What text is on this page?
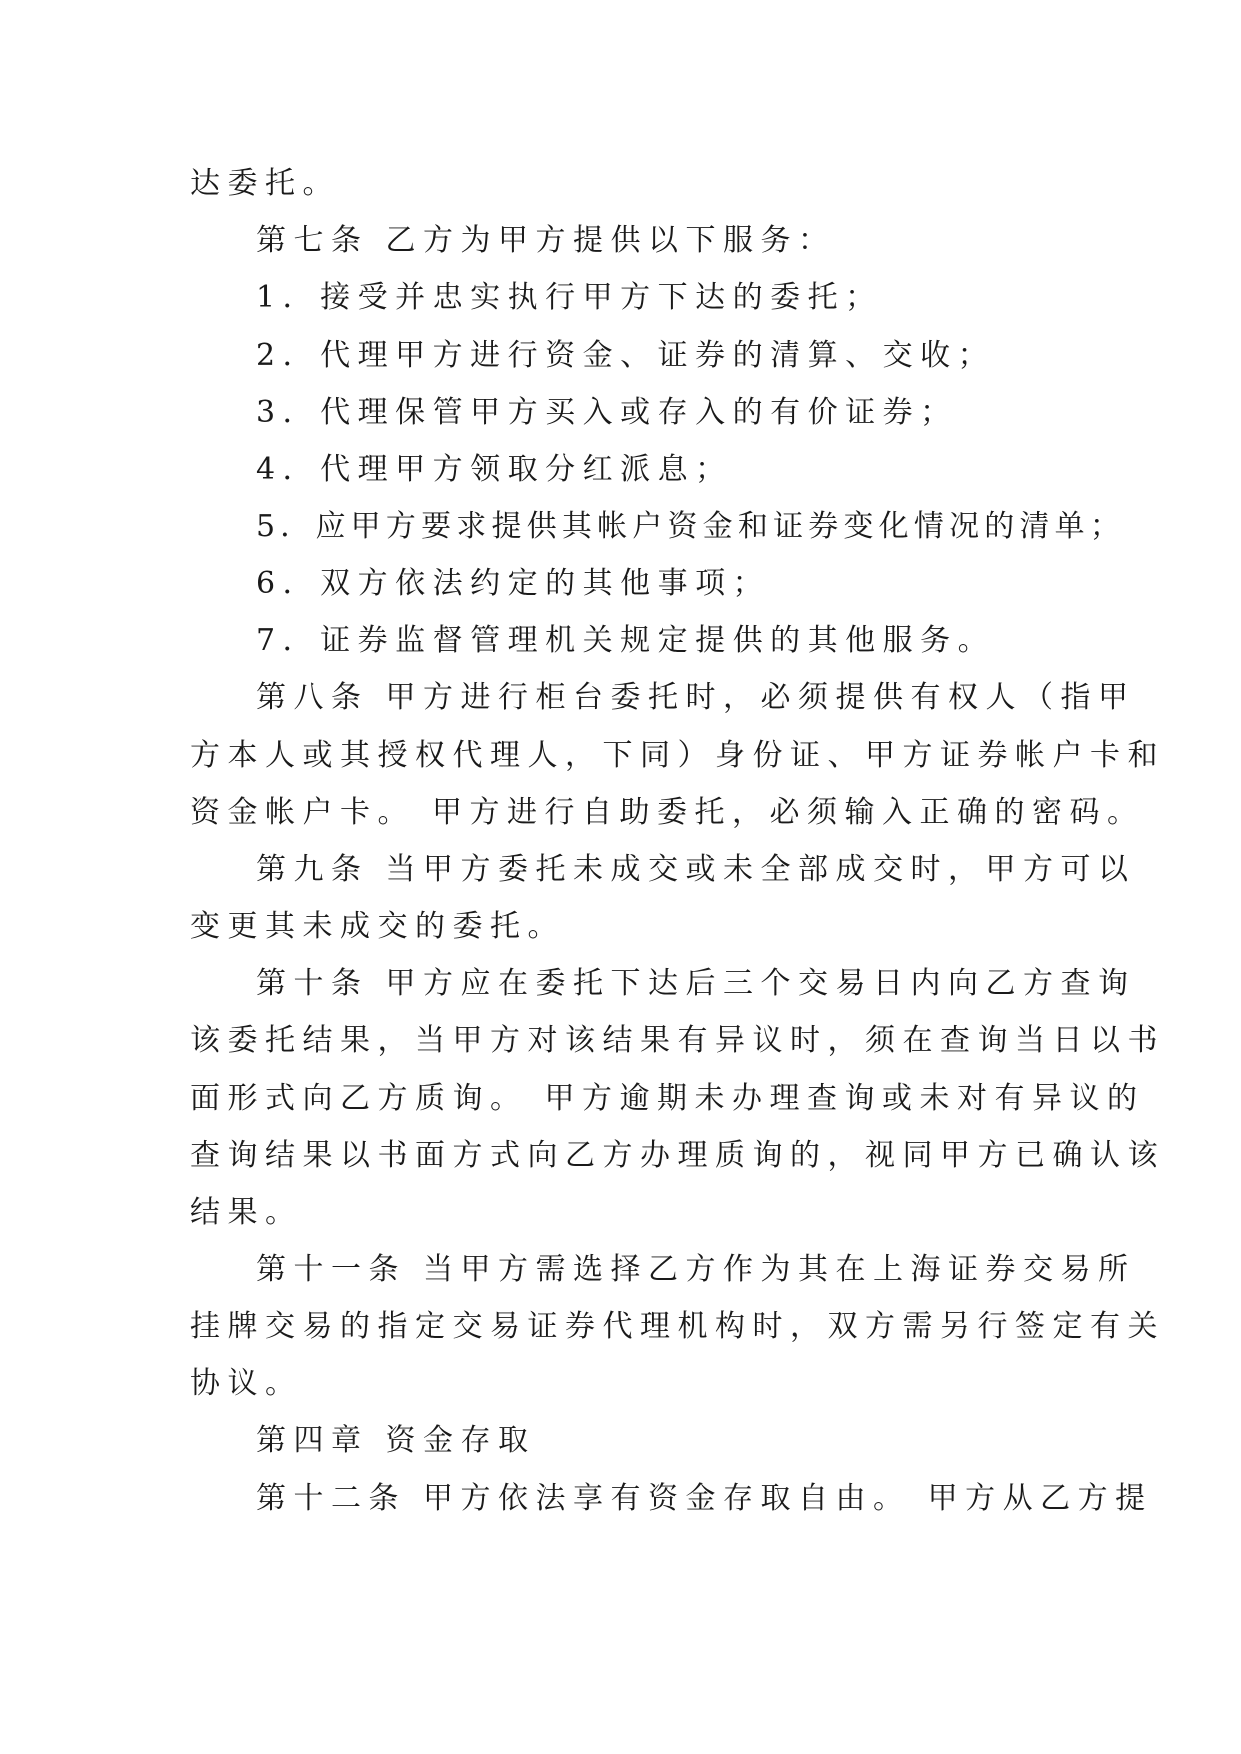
达委托。
第七条 乙方为甲方提供以下服务：
1．接受并忠实执行甲方下达的委托；
2．代理甲方进行资金、证券的清算、交收；
3．代理保管甲方买入或存入的有价证券；
4．代理甲方领取分红派息；
5．应甲方要求提供其帐户资金和证券变化情况的清单；
6．双方依法约定的其他事项；
7．证券监督管理机关规定提供的其他服务。
第八条 甲方进行柜台委托时，必须提供有权人（指甲
方本人或其授权代理人，下同）身份证、甲方证券帐户卡和
资金帐户卡。 甲方进行自助委托，必须输入正确的密码。
第九条 当甲方委托未成交或未全部成交时，甲方可以
变更其未成交的委托。
第十条 甲方应在委托下达后三个交易日内向乙方查询
该委托结果，当甲方对该结果有异议时，须在查询当日以书
面形式向乙方质询。 甲方逾期未办理查询或未对有异议的
查询结果以书面方式向乙方办理质询的，视同甲方已确认该
结果。
第十一条 当甲方需选择乙方作为其在上海证券交易所
挂牌交易的指定交易证券代理机构时，双方需另行签定有关
协议。
第四章 资金存取
第十二条 甲方依法享有资金存取自由。 甲方从乙方提
